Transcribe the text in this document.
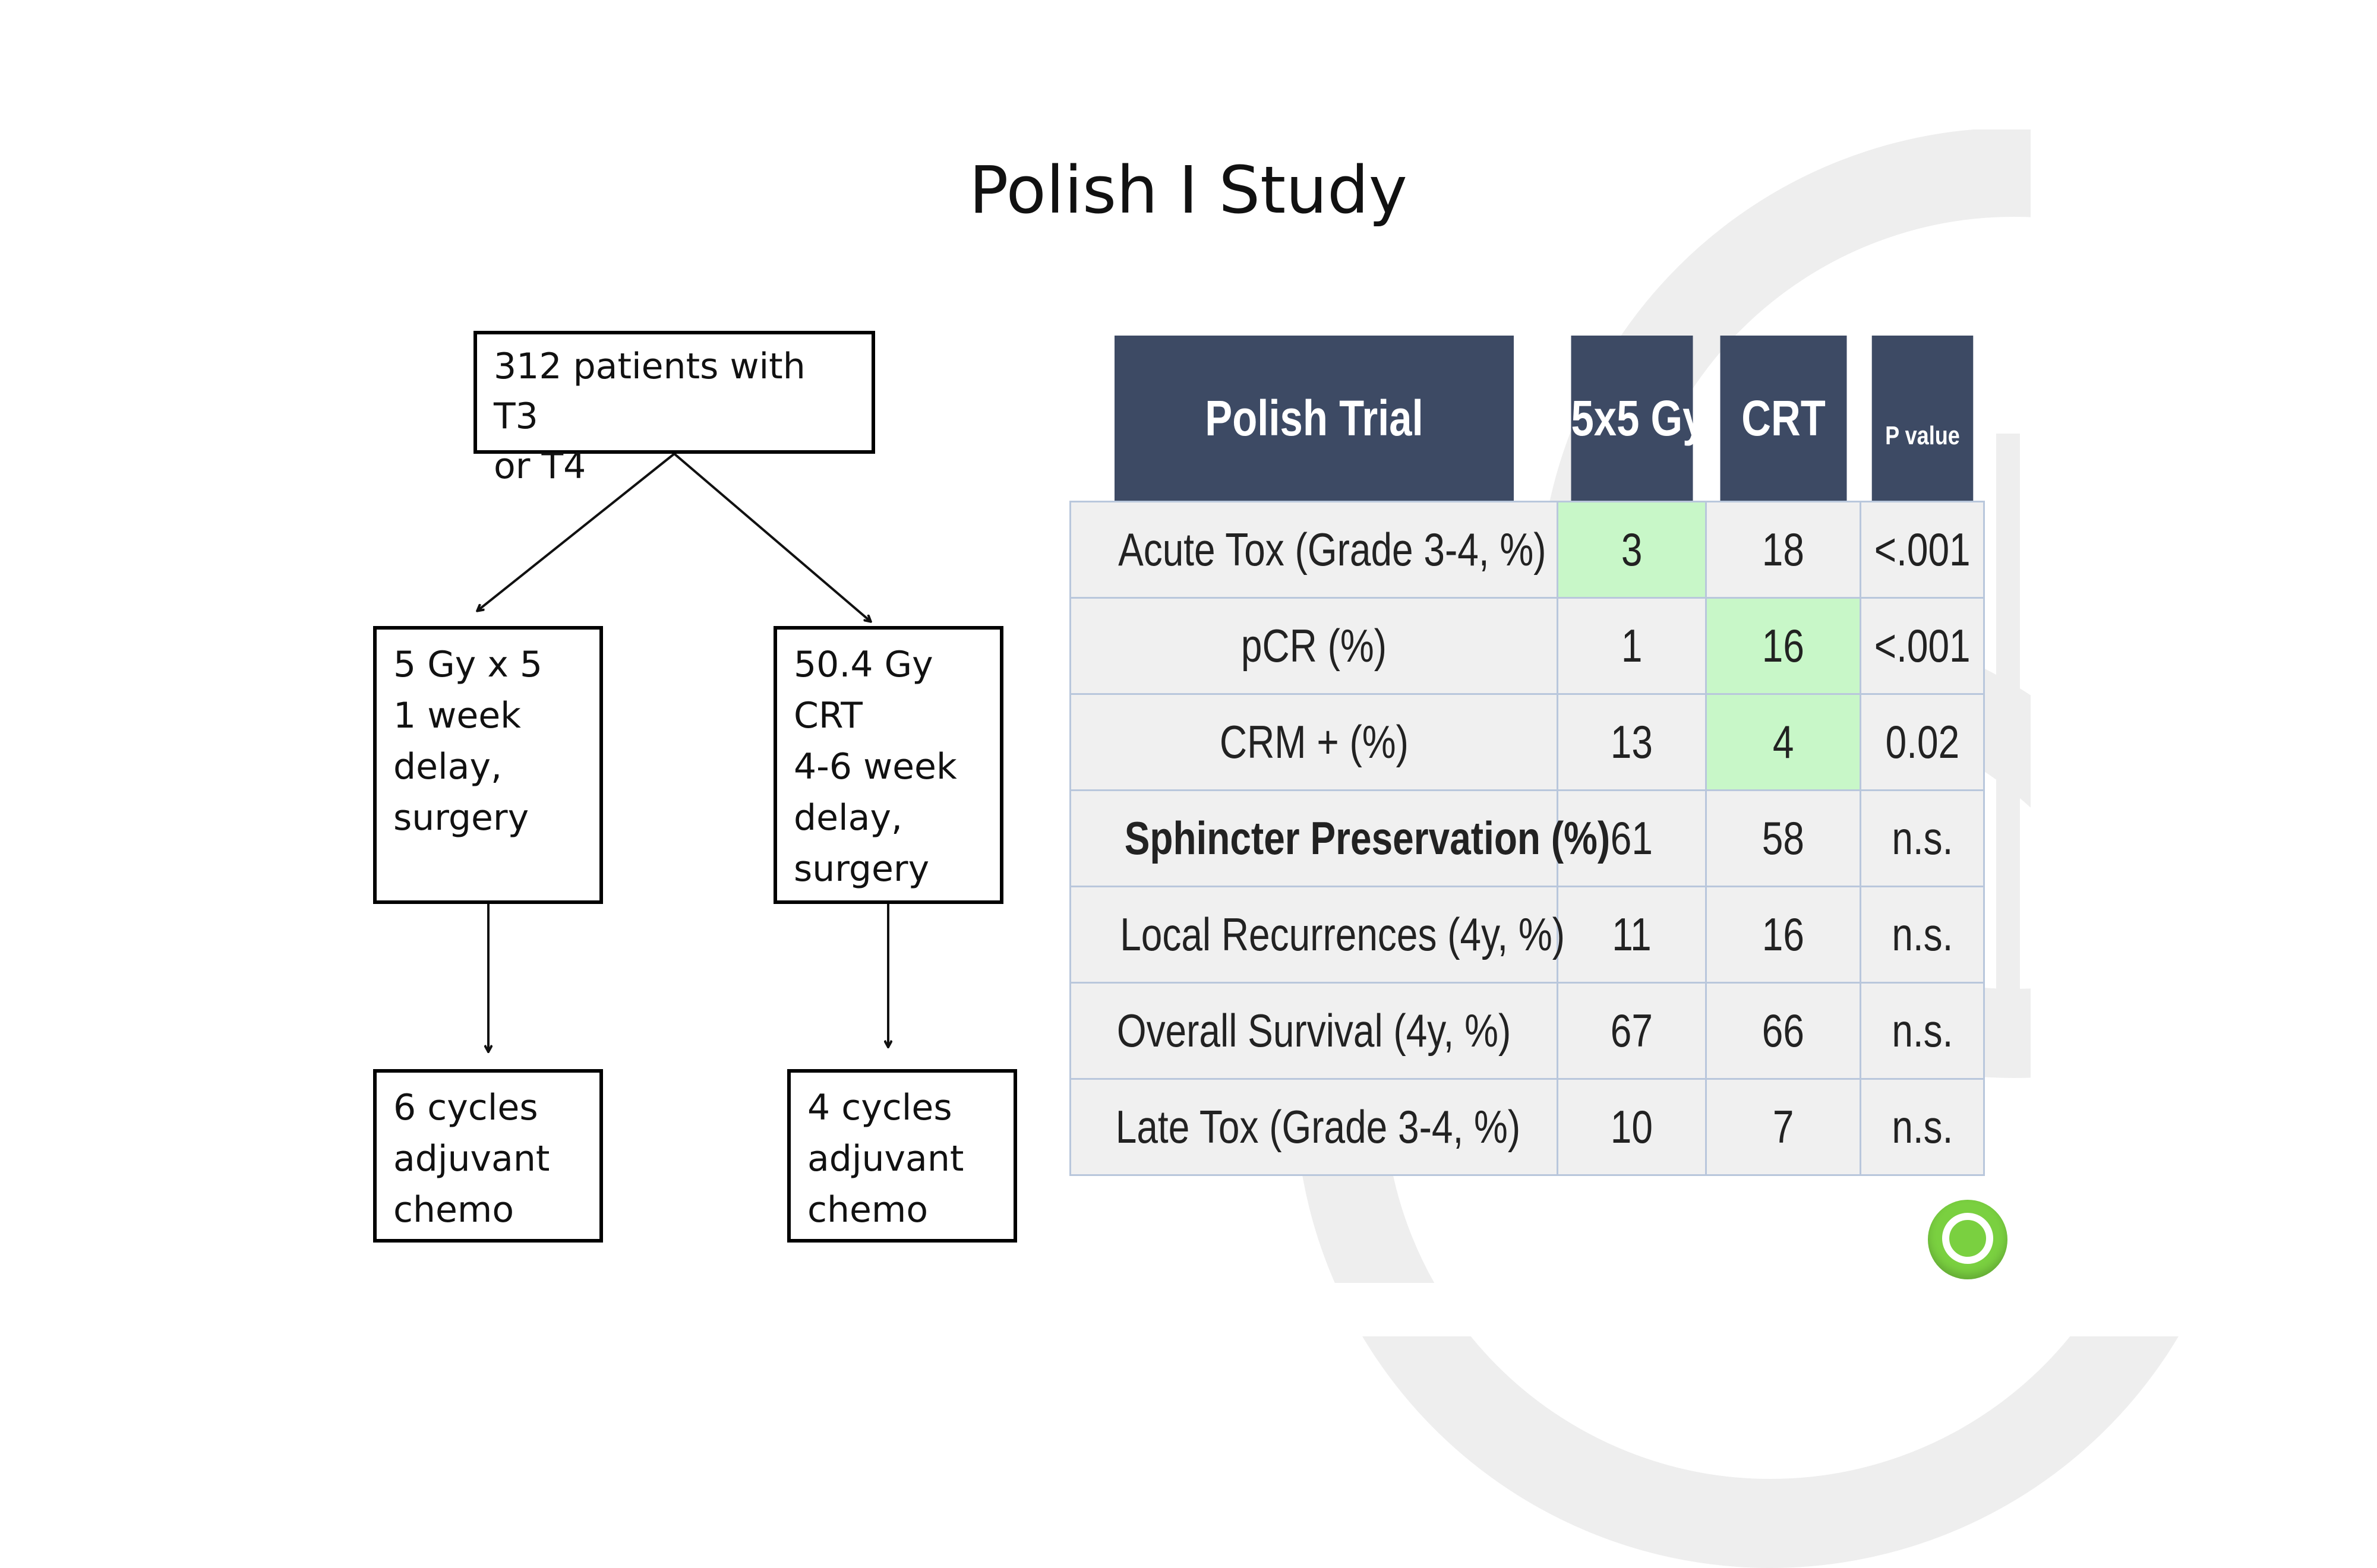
Polish I Study
312 patients with T3
or T4
5 Gy x 5
1 week
delay,
surgery
50.4 Gy
CRT
4-6 week
delay,
surgery
6 cycles
adjuvant
chemo
4 cycles
adjuvant
chemo
Polish Trial	5x5 Gy	CRT	P value
Acute Tox (Grade 3-4, %)	3	18	<.001
pCR (%)	1	16	<.001
CRM + (%)	13	4	0.02
Sphincter Preservation (%)	61	58	n.s.
Local Recurrences (4y, %)	11	16	n.s.
Overall Survival (4y, %)	67	66	n.s.
Late Tox (Grade 3-4, %)	10	7	n.s.
